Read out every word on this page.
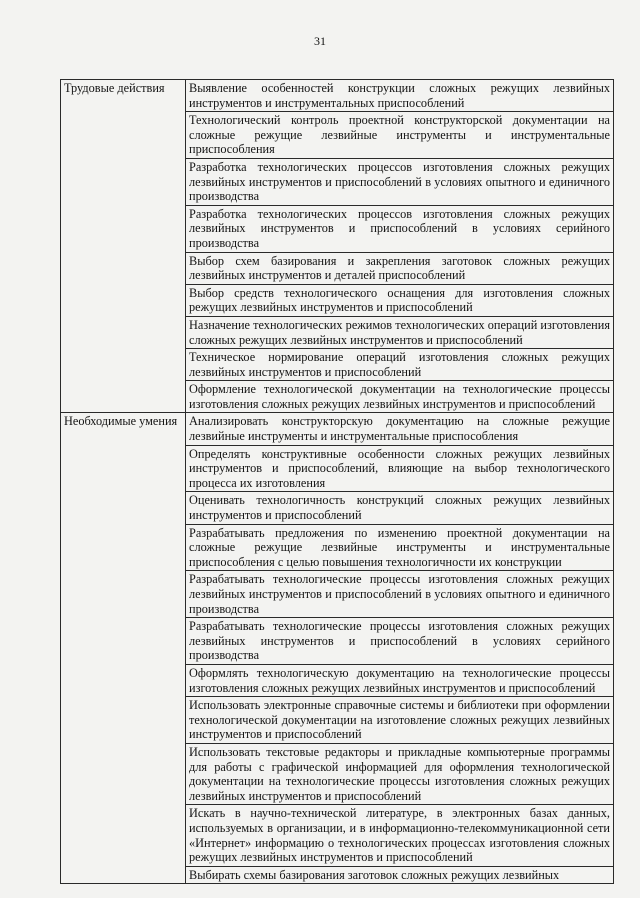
31
Трудовые действия	Выявление особенностей конструкции сложных режущих лезвийных инструментов и инструментальных приспособлений
	Технологический контроль проектной конструкторской документации на сложные режущие лезвийные инструменты и инструментальные приспособления
	Разработка технологических процессов изготовления сложных режущих лезвийных инструментов и приспособлений в условиях опытного и единичного производства
	Разработка технологических процессов изготовления сложных режущих лезвийных инструментов и приспособлений в условиях серийного производства
	Выбор схем базирования и закрепления заготовок сложных режущих лезвийных инструментов и деталей приспособлений
	Выбор средств технологического оснащения для изготовления сложных режущих лезвийных инструментов и приспособлений
	Назначение технологических режимов технологических операций изготовления сложных режущих лезвийных инструментов и приспособлений
	Техническое нормирование операций изготовления сложных режущих лезвийных инструментов и приспособлений
	Оформление технологической документации на технологические процессы изготовления сложных режущих лезвийных инструментов и приспособлений
Необходимые умения	Анализировать конструкторскую документацию на сложные режущие лезвийные инструменты и инструментальные приспособления
	Определять конструктивные особенности сложных режущих лезвийных инструментов и приспособлений, влияющие на выбор технологического процесса их изготовления
	Оценивать технологичность конструкций сложных режущих лезвийных инструментов и приспособлений
	Разрабатывать предложения по изменению проектной документации на сложные режущие лезвийные инструменты и инструментальные приспособления с целью повышения технологичности их конструкции
	Разрабатывать технологические процессы изготовления сложных режущих лезвийных инструментов и приспособлений в условиях опытного и единичного производства
	Разрабатывать технологические процессы изготовления сложных режущих лезвийных инструментов и приспособлений в условиях серийного производства
	Оформлять технологическую документацию на технологические процессы изготовления сложных режущих лезвийных инструментов и приспособлений
	Использовать электронные справочные системы и библиотеки при оформлении технологической документации на изготовление сложных режущих лезвийных инструментов и приспособлений
	Использовать текстовые редакторы и прикладные компьютерные программы для работы с графической информацией для оформления технологической документации на технологические процессы изготовления сложных режущих лезвийных инструментов и приспособлений
	Искать в научно-технической литературе, в электронных базах данных, используемых в организации, и в информационно-телекоммуникационной сети «Интернет» информацию о технологических процессах изготовления сложных режущих лезвийных инструментов и приспособлений
	Выбирать схемы базирования заготовок сложных режущих лезвийных
